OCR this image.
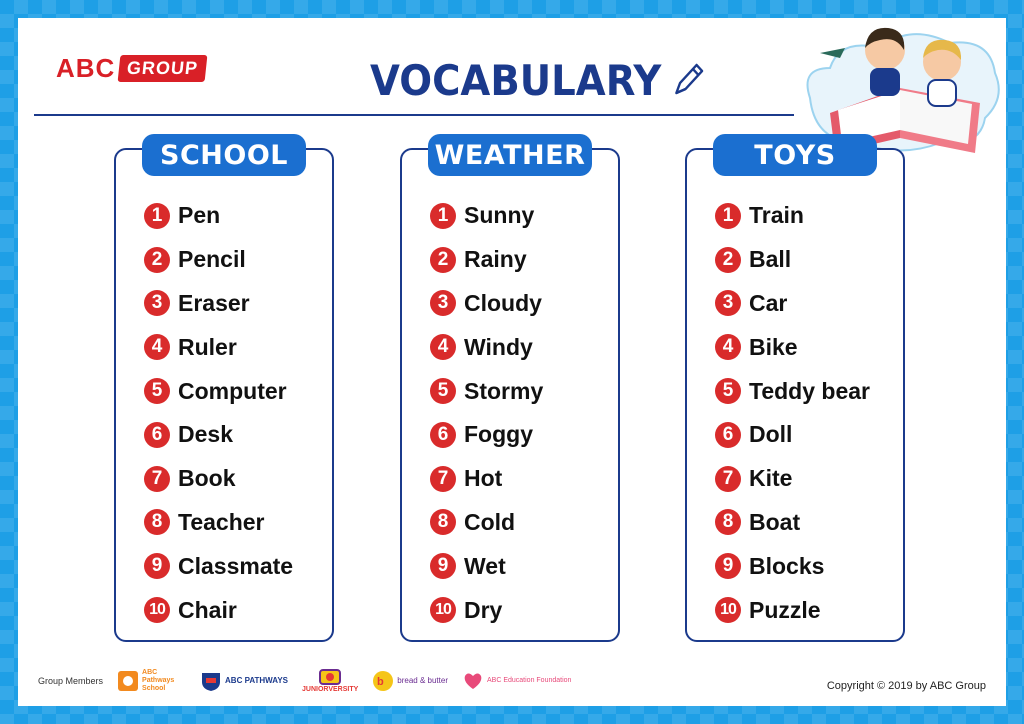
ABC GROUP	VOCABULARY
SCHOOL
1 Pen
2 Pencil
3 Eraser
4 Ruler
5 Computer
6 Desk
7 Book
8 Teacher
9 Classmate
10 Chair
WEATHER
1 Sunny
2 Rainy
3 Cloudy
4 Windy
5 Stormy
6 Foggy
7 Hot
8 Cold
9 Wet
10 Dry
TOYS
1 Train
2 Ball
3 Car
4 Bike
5 Teddy bear
6 Doll
7 Kite
8 Boat
9 Blocks
10 Puzzle
Group Members
ABC Pathways School
ABC PATHWAYS
JUNIORVERSITY
b bread & butter	ABC Education Foundation	Copyright © 2019 by ABC Group
